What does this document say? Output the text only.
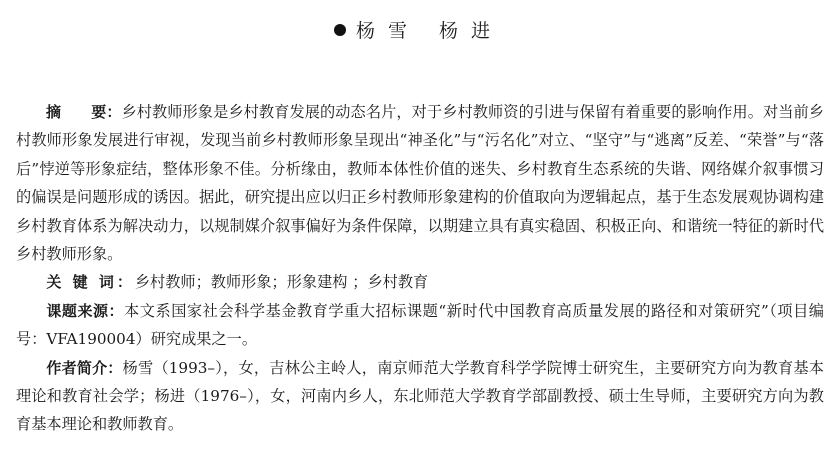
杨雪 杨进

摘　　要：乡村教师形象是乡村教育发展的动态名片，对于乡村教师资的引进与保留有着重要的影响作用。对当前乡村教师形象发展进行审视，发现当前乡村教师形象呈现出“神圣化”与“污名化”对立、“坚守”与“逃离”反差、“荣誉”与“落后”悖逆等形象症结，整体形象不佳。分析缘由，教师本体性价值的迷失、乡村教育生态系统的失谐、网络媒介叙事惯习的偏误是问题形成的诱因。据此，研究提出应以归正乡村教师形象建构的价值取向为逻辑起点，基于生态发展观协调构建乡村教育体系为解决动力，以规制媒介叙事偏好为条件保障，以期建立具有真实稳固、积极正向、和谐统一特征的新时代乡村教师形象。

关 键 词：乡村教师；教师形象；形象建构 ；乡村教育

课题来源：本文系国家社会科学基金教育学重大招标课题“新时代中国教育高质量发展的路径和对策研究”（项目编号：VFA190004）研究成果之一。

作者简介：杨雪（1993–），女，吉林公主岭人，南京师范大学教育科学学院博士研究生，主要研究方向为教育基本理论和教育社会学；杨进（1976–），女，河南内乡人，东北师范大学教育学部副教授、硕士生导师，主要研究方向为教育基本理论和教师教育。
